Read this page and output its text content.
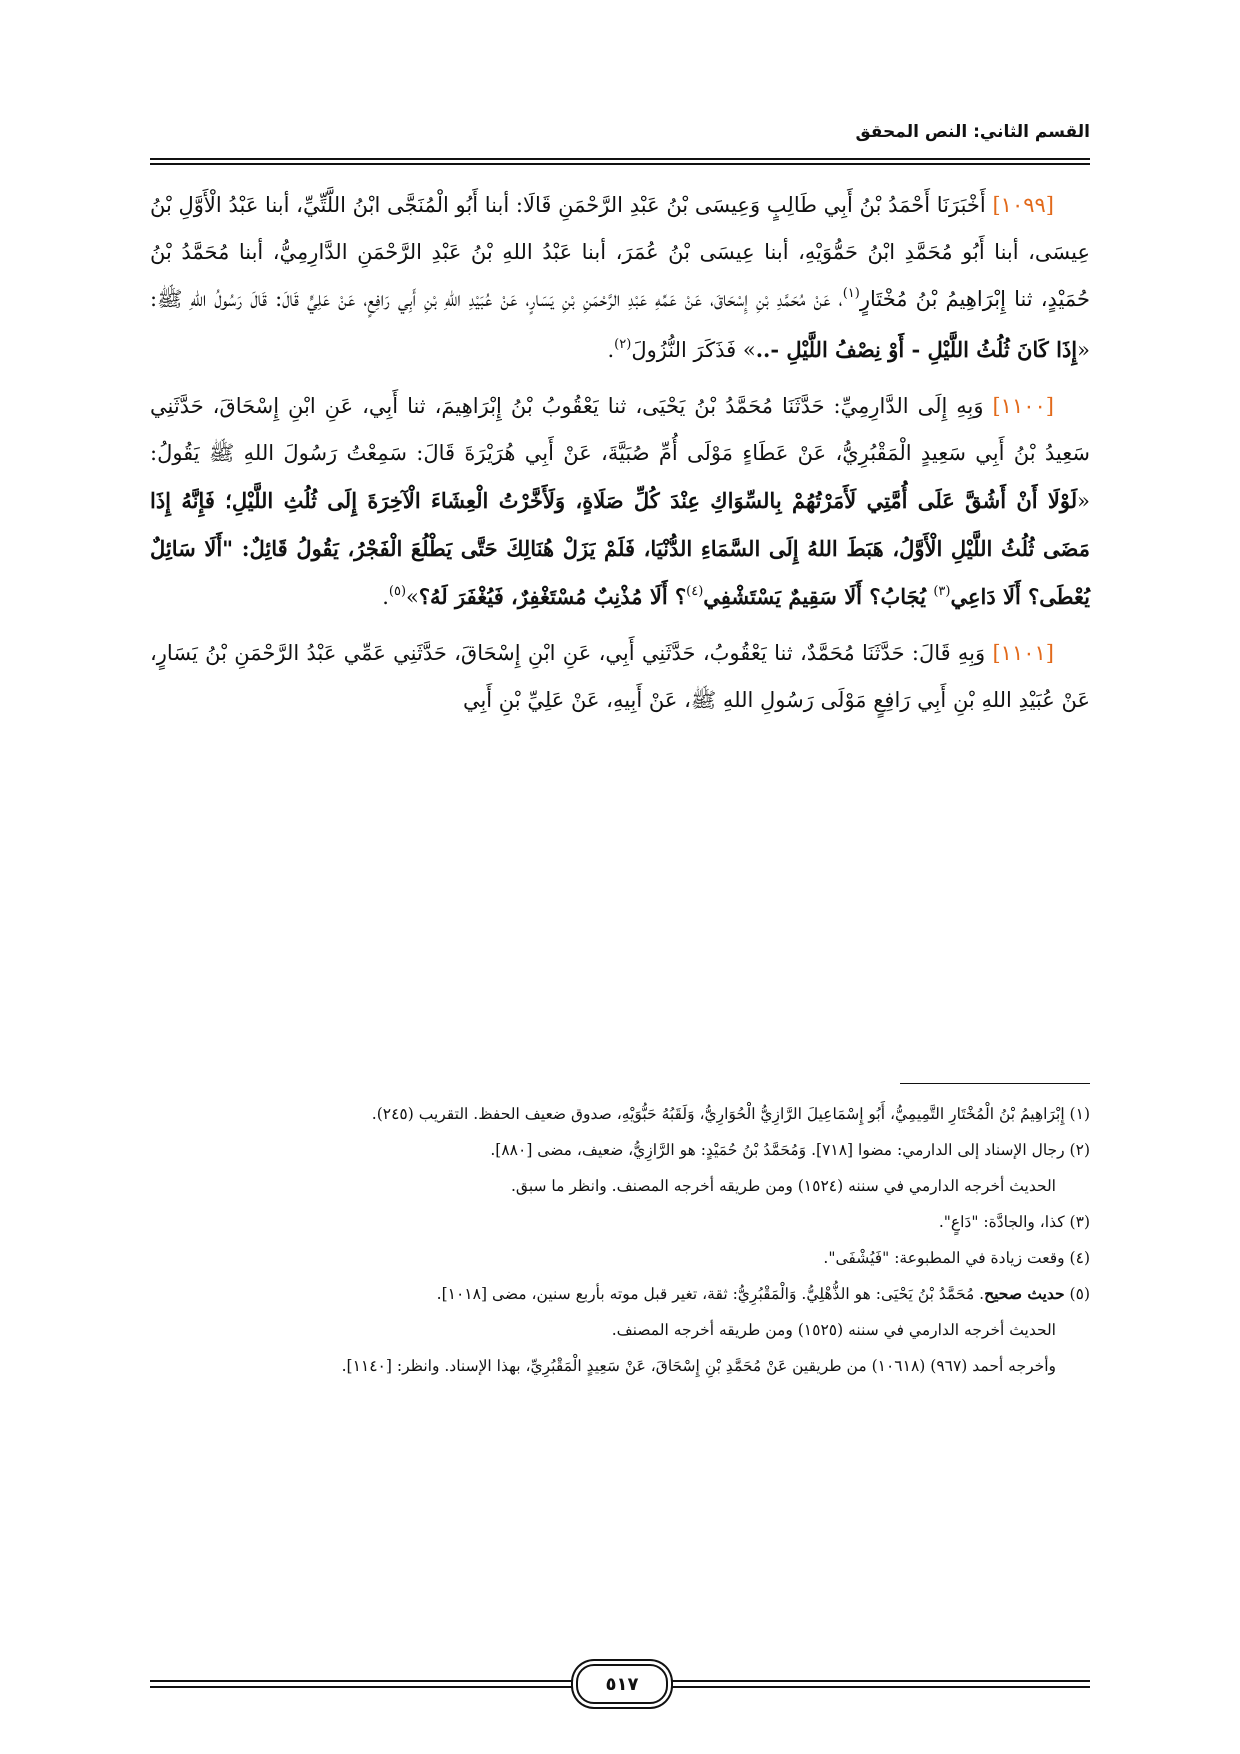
القسم الثاني: النص المحقق

[١٠٩٩] أَخْبَرَنَا أَحْمَدُ بْنُ أَبِي طَالِبٍ وَعِيسَى بْنُ عَبْدِ الرَّحْمَنِ قَالَا: أبنا أَبُو الْمُنَجَّى ابْنُ اللَّتِّيِّ، أبنا عَبْدُ الْأَوَّلِ بْنُ عِيسَى، أبنا أَبُو مُحَمَّدِ ابْنُ حَمُّوَيْهِ، أبنا عِيسَى بْنُ عُمَرَ، أبنا عَبْدُ اللهِ بْنُ عَبْدِ الرَّحْمَنِ الدَّارِمِيُّ، أبنا مُحَمَّدُ بْنُ حُمَيْدٍ، ثنا إِبْرَاهِيمُ بْنُ مُخْتَارٍ$^{(١)}$، عَنْ مُحَمَّدِ بْنِ إِسْحَاقَ، عَنْ عَمِّهِ عَبْدِ الرَّحْمَنِ بْنِ يَسَارٍ، عَنْ عُبَيْدِ اللهِ بْنِ أَبِي رَافِعٍ، عَنْ عَلِيٍّ قَالَ: قَالَ رَسُولُ اللهِ ﷺ: «إِذَا كَانَ ثُلُثُ اللَّيْلِ - أَوْ نِصْفُ اللَّيْلِ -..» فَذَكَرَ النُّزُولَ$^{(٢)}$.

[١١٠٠] وَبِهِ إِلَى الدَّارِمِيِّ: حَدَّثَنَا مُحَمَّدُ بْنُ يَحْيَى، ثنا يَعْقُوبُ بْنُ إِبْرَاهِيمَ، ثنا أَبِي، عَنِ ابْنِ إِسْحَاقَ، حَدَّثَنِي سَعِيدُ بْنُ أَبِي سَعِيدٍ الْمَقْبُرِيُّ، عَنْ عَطَاءٍ مَوْلَى أُمِّ صُبَيَّةَ، عَنْ أَبِي هُرَيْرَةَ قَالَ: سَمِعْتُ رَسُولَ اللهِ ﷺ يَقُولُ: «لَوْلَا أَنْ أَشُقَّ عَلَى أُمَّتِي لَأَمَرْتُهُمْ بِالسِّوَاكِ عِنْدَ كُلِّ صَلَاةٍ، وَلَأَخَّرْتُ الْعِشَاءَ الْآخِرَةَ إِلَى ثُلُثِ اللَّيْلِ؛ فَإِنَّهُ إِذَا مَضَى ثُلُثُ اللَّيْلِ الْأَوَّلُ، هَبَطَ اللهُ إِلَى السَّمَاءِ الدُّنْيَا، فَلَمْ يَزَلْ هُنَالِكَ حَتَّى يَطْلُعَ الْفَجْرُ، يَقُولُ قَائِلٌ: "أَلَا سَائِلٌ يُعْطَى؟ أَلَا دَاعِي$^{(٣)}$ يُجَابُ؟ أَلَا سَقِيمٌ يَسْتَشْفِي$^{(٤)}$؟ أَلَا مُذْنِبٌ مُسْتَغْفِرٌ، فَيُغْفَرَ لَهُ؟»$^{(٥)}$.

[١١٠١] وَبِهِ قَالَ: حَدَّثَنَا مُحَمَّدٌ، ثنا يَعْقُوبُ، حَدَّثَنِي أَبِي، عَنِ ابْنِ إِسْحَاقَ، حَدَّثَنِي عَمِّي عَبْدُ الرَّحْمَنِ بْنُ يَسَارٍ، عَنْ عُبَيْدِ اللهِ بْنِ أَبِي رَافِعٍ مَوْلَى رَسُولِ اللهِ ﷺ، عَنْ أَبِيهِ، عَنْ عَلِيِّ بْنِ أَبِي

(١) إِبْرَاهِيمُ بْنُ الْمُخْتَارِ التَّمِيمِيُّ، أَبُو إِسْمَاعِيلَ الرَّازِيُّ الْحُوَارِيُّ، وَلَقَبُهُ حَبُّوَيْهِ، صدوق ضعيف الحفظ. التقريب (٢٤٥).

(٢) رجال الإسناد إلى الدارمي: مضوا [٧١٨]. وَمُحَمَّدُ بْنُ حُمَيْدٍ: هو الرَّازِيُّ، ضعيف، مضى [٨٨٠].

الحديث أخرجه الدارمي في سننه (١٥٢٤) ومن طريقه أخرجه المصنف. وانظر ما سبق.

(٣) كذا، والجادَّة: "دَاعٍ".

(٤) وقعت زيادة في المطبوعة: "فَيُشْفَى".

(٥) حديث صحيح. مُحَمَّدُ بْنُ يَحْيَى: هو الذُّهْلِيُّ. وَالْمَقْبُرِيُّ: ثقة، تغير قبل موته بأربع سنين، مضى [١٠١٨].

الحديث أخرجه الدارمي في سننه (١٥٢٥) ومن طريقه أخرجه المصنف.

وأخرجه أحمد (٩٦٧) (١٠٦١٨) من طريقين عَنْ مُحَمَّدِ بْنِ إِسْحَاقَ، عَنْ سَعِيدٍ الْمَقْبُرِيِّ، بهذا الإسناد. وانظر: [١١٤٠].

٥١٧
